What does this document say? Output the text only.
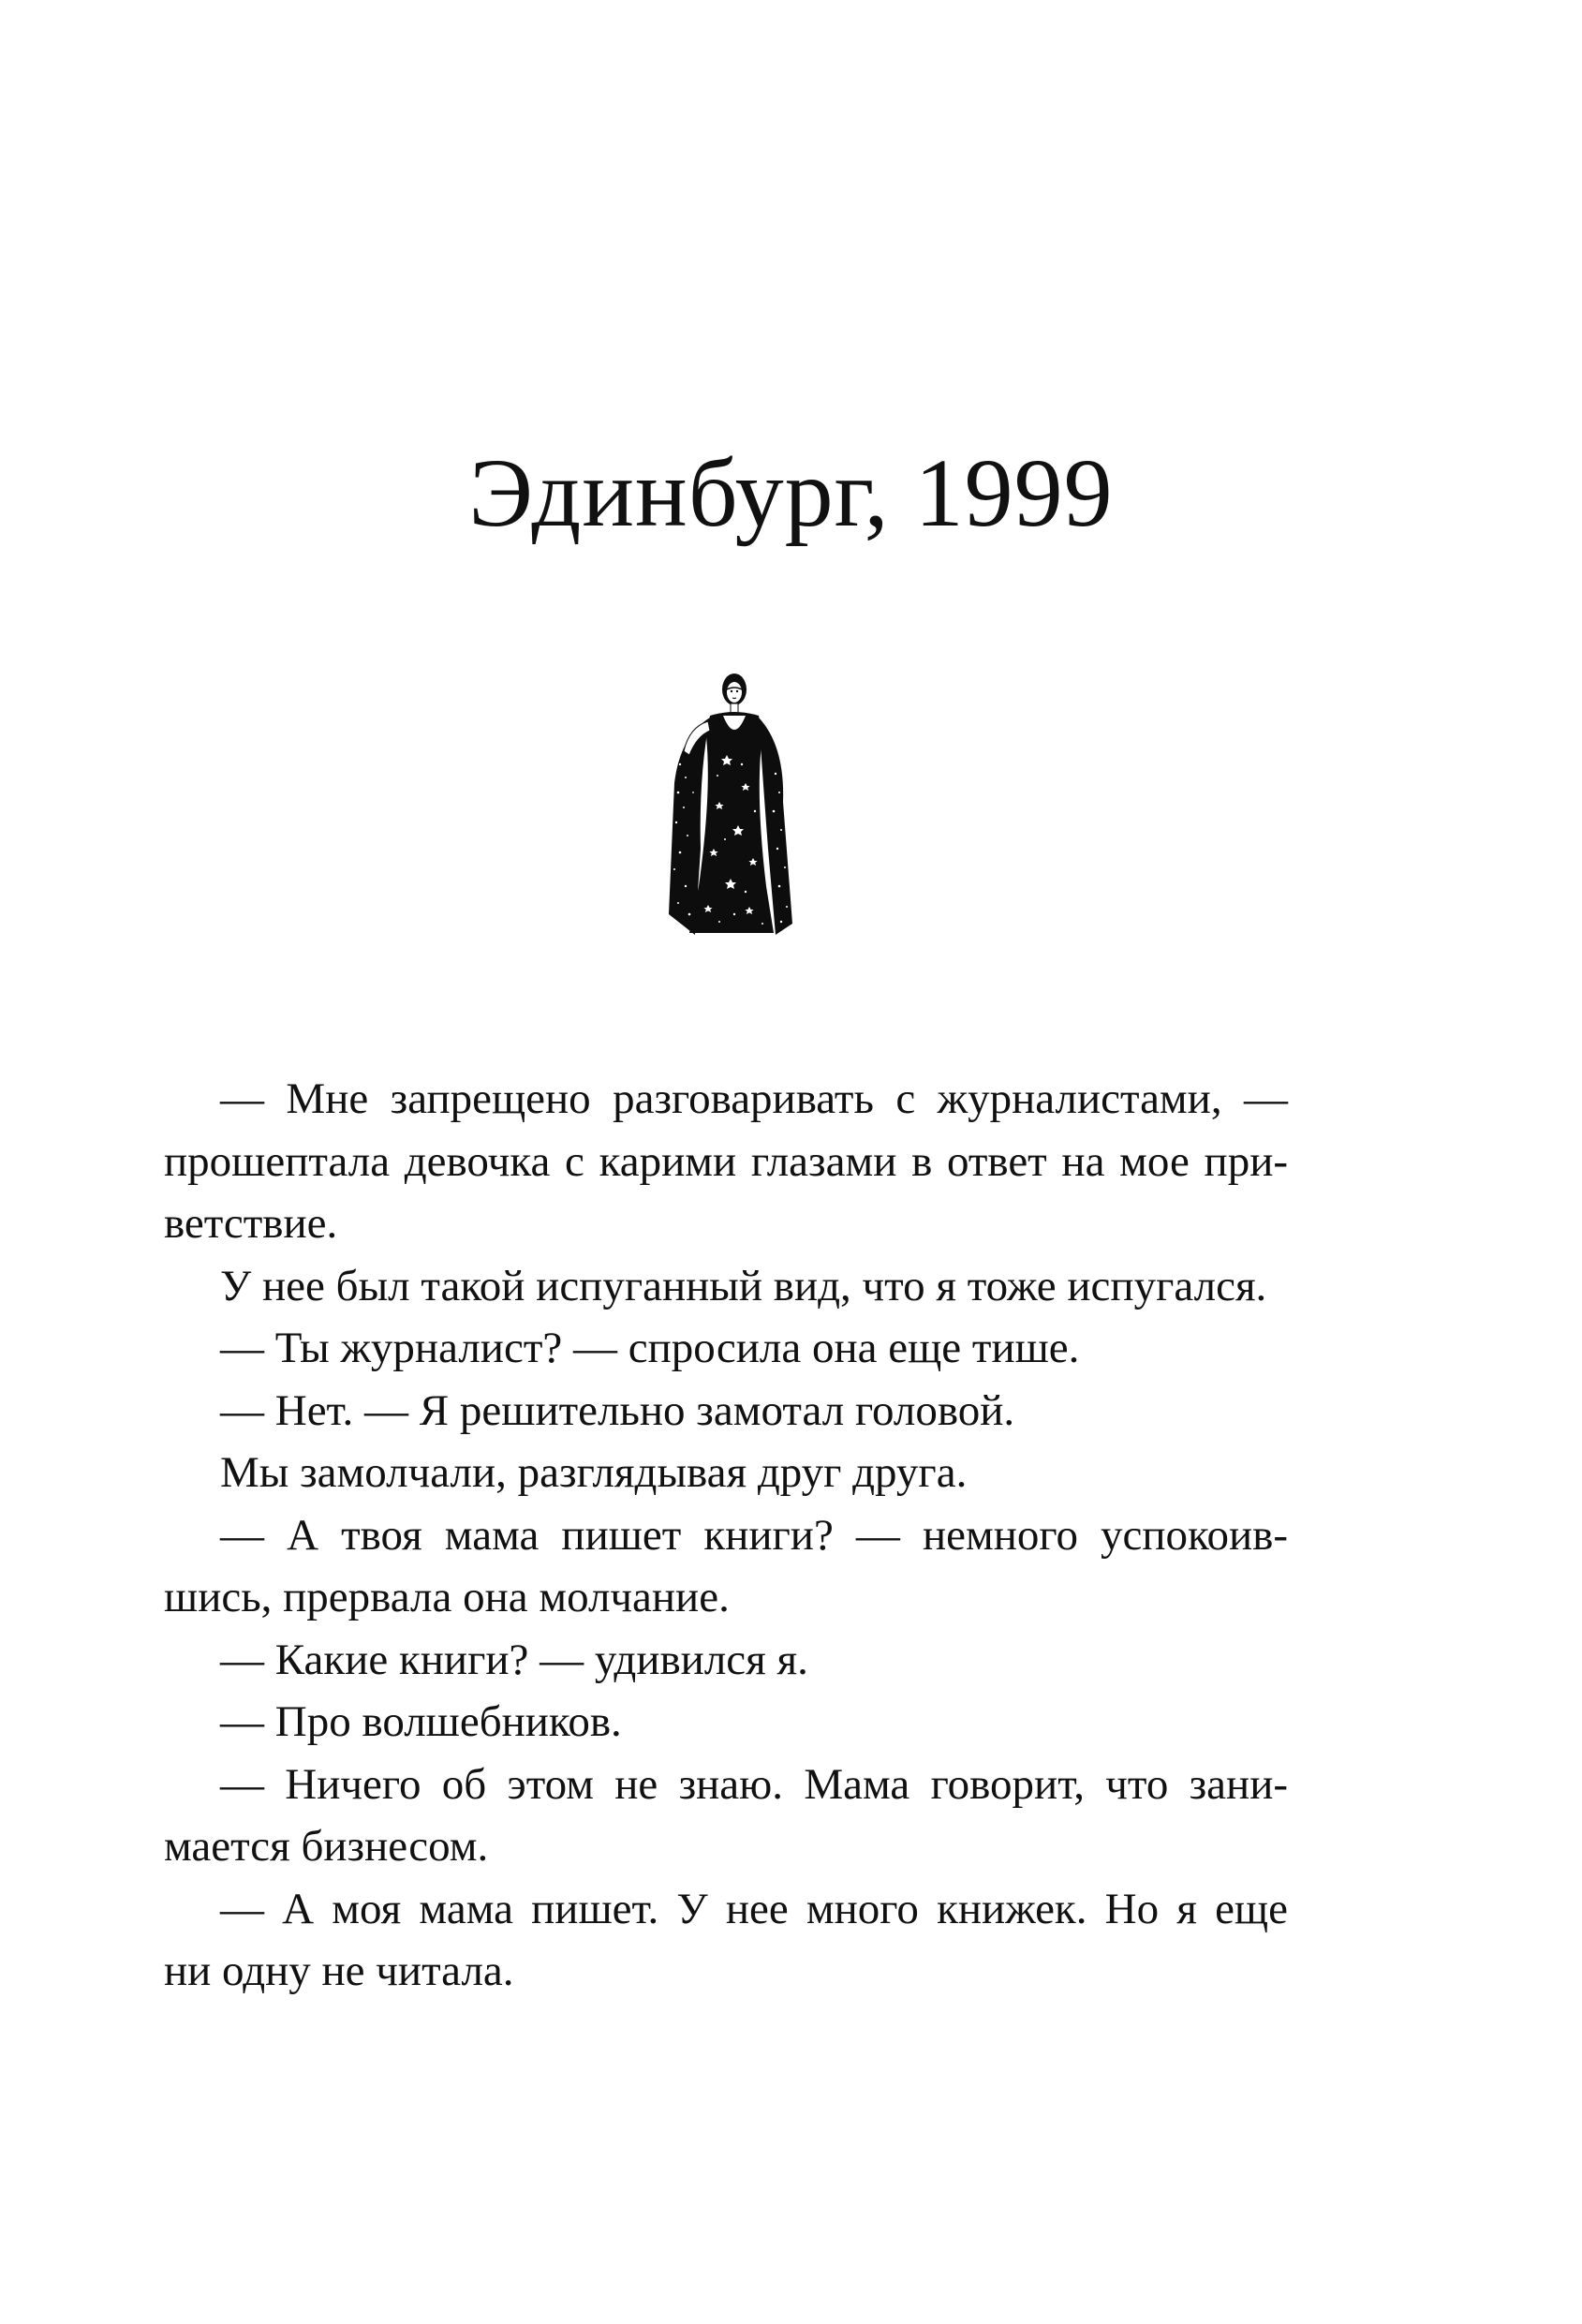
Эдинбург, 1999

— Мне запрещено разговаривать с журналистами, —
прошептала девочка с карими глазами в ответ на мое при-
ветствие.

У нее был такой испуганный вид, что я тоже испугался.

— Ты журналист? — спросила она еще тише.

— Нет. — Я решительно замотал головой.

Мы замолчали, разглядывая друг друга.

— А твоя мама пишет книги? — немного успокоив-
шись, прервала она молчание.

— Какие книги? — удивился я.

— Про волшебников.

— Ничего об этом не знаю. Мама говорит, что зани-
мается бизнесом.

— А моя мама пишет. У нее много книжек. Но я еще
ни одну не читала.
